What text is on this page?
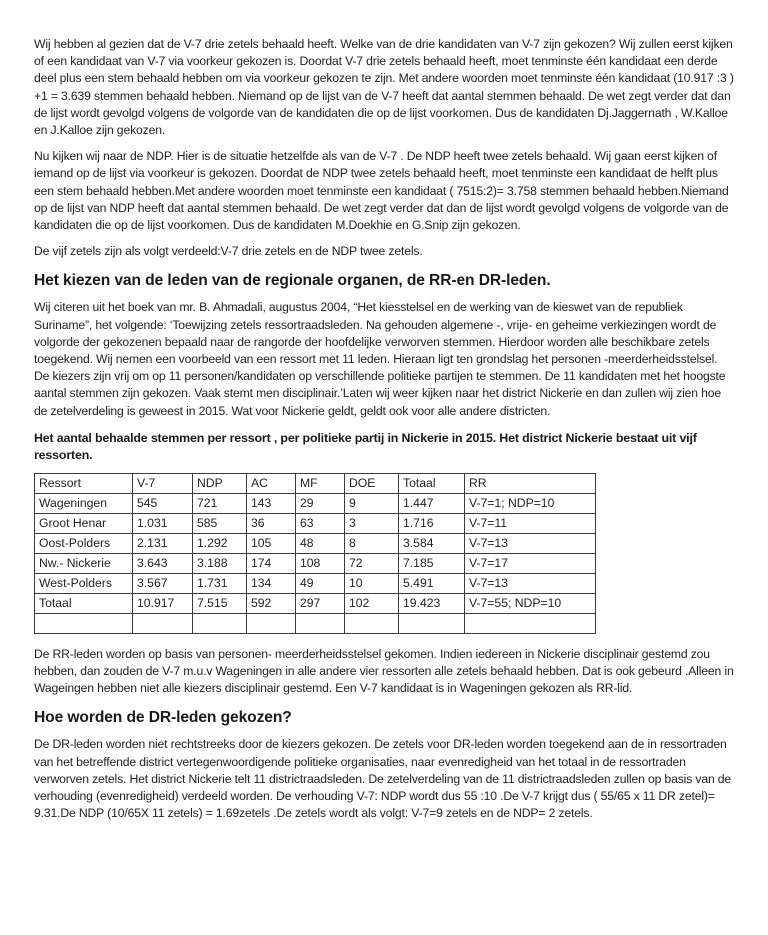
Wij hebben al gezien dat de V-7 drie zetels behaald heeft. Welke van de drie kandidaten van V-7 zijn gekozen? Wij zullen eerst kijken of een kandidaat van V-7 via voorkeur gekozen is. Doordat V-7 drie zetels behaald heeft, moet tenminste één kandidaat een derde deel plus een stem behaald hebben om via voorkeur gekozen te zijn. Met andere woorden moet tenminste één kandidaat (10.917 :3 ) +1 = 3.639 stemmen behaald hebben. Niemand op de lijst van de V-7 heeft dat aantal stemmen behaald. De wet zegt verder dat dan de lijst wordt gevolgd volgens de volgorde van de kandidaten die op de lijst voorkomen. Dus de kandidaten Dj.Jaggernath , W.Kalloe en J.Kalloe zijn gekozen.

Nu kijken wij naar de NDP. Hier is de situatie hetzelfde als van de V-7 . De NDP heeft twee zetels behaald. Wij gaan eerst kijken of iemand op de lijst via voorkeur is gekozen. Doordat de NDP twee zetels behaald heeft, moet tenminste een kandidaat de helft plus een stem behaald hebben.Met andere woorden moet tenminste een kandidaat ( 7515:2)= 3.758 stemmen behaald hebben.Niemand op de lijst van NDP heeft dat aantal stemmen behaald. De wet zegt verder dat dan de lijst wordt gevolgd volgens de volgorde van de kandidaten die op de lijst voorkomen. Dus de kandidaten M.Doekhie en G.Snip zijn gekozen.

De vijf zetels zijn als volgt verdeeld:V-7 drie zetels en de NDP twee zetels.

Het kiezen van de leden van de regionale organen, de RR-en DR-leden.

Wij citeren uit het boek van mr. B. Ahmadali, augustus 2004, “Het kiesstelsel en de werking van de kieswet van de republiek Suriname”, het volgende: ‘Toewijzing zetels ressortraadsleden. Na gehouden algemene -, vrije- en geheime verkiezingen wordt de volgorde der gekozenen bepaald naar de rangorde der hoofdelijke verworven stemmen. Hierdoor worden alle beschikbare zetels toegekend. Wij nemen een voorbeeld van een ressort met 11 leden. Hieraan ligt ten grondslag het personen -meerderheidsstelsel. De kiezers zijn vrij om op 11 personen/kandidaten op verschillende politieke partijen te stemmen. De 11 kandidaten met het hoogste aantal stemmen zijn gekozen. Vaak stemt men disciplinair.’Laten wij weer kijken naar het district Nickerie en dan zullen wij zien hoe de zetelverdeling is geweest in 2015. Wat voor Nickerie geldt, geldt ook voor alle andere districten.

Het aantal behaalde stemmen per ressort , per politieke partij in Nickerie in 2015. Het district Nickerie bestaat uit vijf ressorten.

Ressort	V-7	NDP	AC	MF	DOE	Totaal	RR
Wageningen	545	721	143	29	9	1.447	V-7=1; NDP=10
Groot Henar	1.031	585	36	63	3	1.716	V-7=11
Oost-Polders	2.131	1.292	105	48	8	3.584	V-7=13
Nw.- Nickerie	3.643	3.188	174	108	72	7.185	V-7=17
West-Polders	3.567	1.731	134	49	10	5.491	V-7=13
Totaal	10.917	7.515	592	297	102	19.423	V-7=55; NDP=10

De RR-leden worden op basis van personen- meerderheidsstelsel gekomen. Indien iedereen in Nickerie disciplinair gestemd zou hebben, dan zouden de V-7 m.u.v Wageningen in alle andere vier ressorten alle zetels behaald hebben. Dat is ook gebeurd .Alleen in Wageingen hebben niet alle kiezers disciplinair gestemd. Een V-7 kandidaat is in Wageningen gekozen als RR-lid.

Hoe worden de DR-leden gekozen?

De DR-leden worden niet rechtstreeks door de kiezers gekozen. De zetels voor DR-leden worden toegekend aan de in ressortraden van het betreffende district vertegenwoordigende politieke organisaties, naar evenredigheid van het totaal in de ressortraden verworven zetels. Het district Nickerie telt 11 districtraadsleden. De zetelverdeling van de 11 districtraadsleden zullen op basis van de verhouding (evenredigheid) verdeeld worden. De verhouding V-7: NDP wordt dus 55 :10 .De V-7 krijgt dus ( 55/65 x 11 DR zetel)= 9.31.De NDP (10/65X 11 zetels) = 1.69zetels .De zetels wordt als volgt: V-7=9 zetels en de NDP= 2 zetels.
